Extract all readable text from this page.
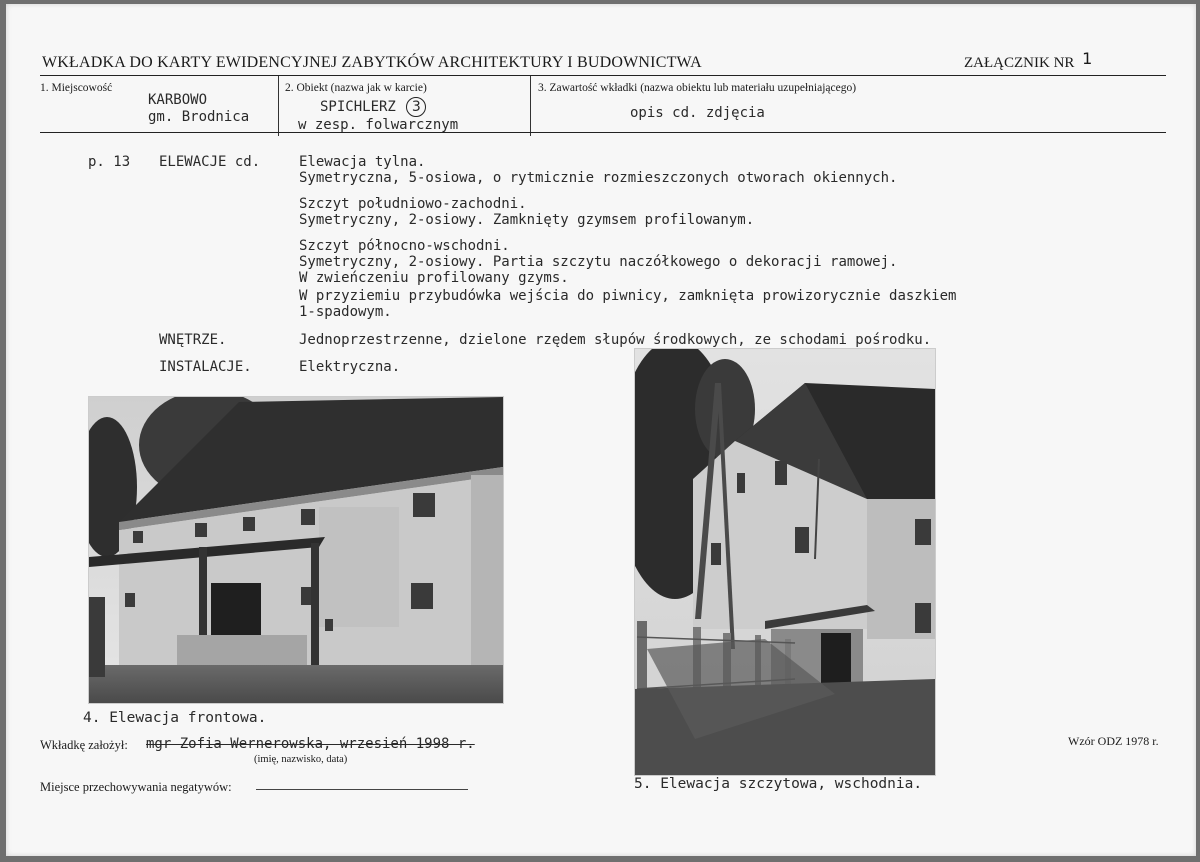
WKŁADKA DO KARTY EWIDENCYJNEJ ZABYTKÓW ARCHITEKTURY I BUDOWNICTWA	ZAŁĄCZNIK NR 1
1. Miejscowość
KARBOWO
gm. Brodnica
2. Obiekt (nazwa jak w karcie)
SPICHLERZ 3
w zesp. folwarcznym
3. Zawartość wkładki (nazwa obiektu lub materiału uzupełniającego)
opis cd. zdjęcia
p. 13 ELEWACJE cd.	Elewacja tylna.
Symetryczna, 5-osiowa, o rytmicznie rozmieszczonych otworach okiennych.
Szczyt południowo-zachodni.
Symetryczny, 2-osiowy. Zamknięty gzymsem profilowanym.
Szczyt północno-wschodni.
Symetryczny, 2-osiowy. Partia szczytu naczółkowego o dekoracji ramowej.
W zwieńczeniu profilowany gzyms.
W przyziemiu przybudówka wejścia do piwnicy, zamknięta prowizorycznie daszkiem
1-spadowym.
WNĘTRZE.	Jednoprzestrzenne, dzielone rzędem słupów środkowych, ze schodami pośrodku.
INSTALACJE.	Elektryczna.
4. Elewacja frontowa.
5. Elewacja szczytowa, wschodnia.
Wkładkę założył: mgr Zofia Wernerowska, wrzesień 1998 r.
(imię, nazwisko, data)
Miejsce przechowywania negatywów:
Wzór ODZ 1978 r.
